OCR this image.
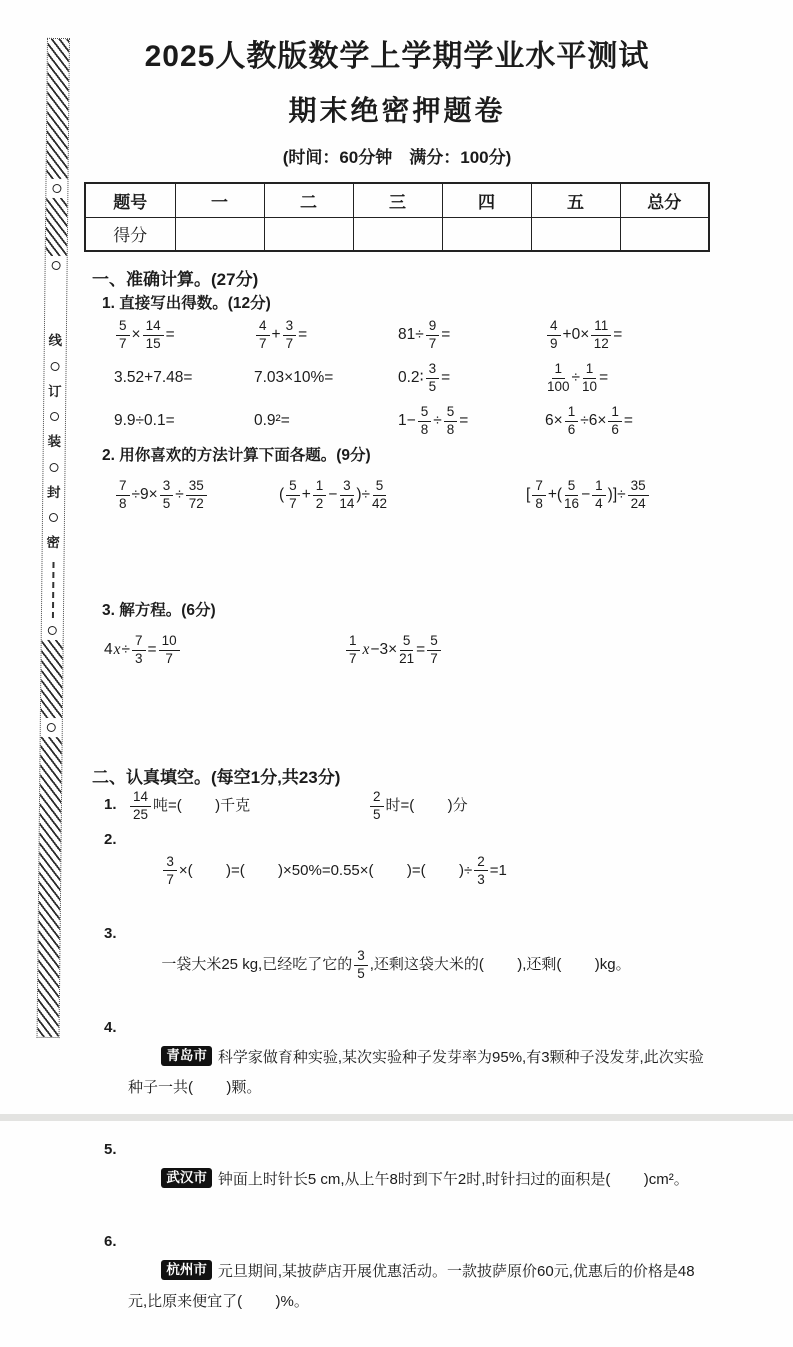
线
订
装
封
密
2025人教版数学上学期学业水平测试
期末绝密押题卷
(时间：60分钟　满分：100分)
题号	一	二	三	四	五	总分
得分						
一、准确计算。(27分)
1. 直接写出得数。(12分)
$\frac{5}{7} \times \frac{14}{15}$ =	$\frac{4}{7} + \frac{3}{7}$ =	$81\div \frac{9}{7}$ =	$\frac{4}{9} +0\times \frac{11}{12}$ =
3.52+7.48=	7.03×10%=	0.2∶ $\frac{3}{5}$ =	$\frac{1}{100} \div \frac{1}{10}$ =
9.9÷0.1=	0.9²=	$1- \frac{5}{8} \div \frac{5}{8}$ =	$6\times \frac{1}{6} \div 6\times \frac{1}{6}$ =
2. 用你喜欢的方法计算下面各题。(9分)
$\frac{7}{8} \div 9\times \frac{3}{5} \div \frac{35}{72}$	( $\frac{5}{7} + \frac{1}{2} - \frac{3}{14}$ )÷ $\frac{5}{42}$	[ $\frac{7}{8}$ +( $\frac{5}{16} - \frac{1}{4}$ )]÷ $\frac{35}{24}$
3. 解方程。(6分)
$4x\div \frac{7}{3} = \frac{10}{7}$	$\frac{1}{7} x-3\times \frac{5}{21} = \frac{5}{7}$
二、认真填空。(每空1分,共23分)
1. $\frac{14}{25}$ 吨=(        )千克	$\frac{2}{5}$ 时=(        )分
2.

$\frac{3}{7}$ ×(        )=(        )×50%=0.55×(        )=(        )÷ $\frac{2}{3} =1$

3.

一袋大米25 kg,已经吃了它的 $\frac{3}{5}$ ,还剩这袋大米的(        ),还剩(        )kg。

4.

青岛市 科学家做育种实验,某次实验种子发芽率为95%,有3颗种子没发芽,此次实验种子一共(        )颗。

5.

武汉市 钟面上时针长5 cm,从上午8时到下午2时,时针扫过的面积是(        )cm²。

6.

杭州市 元旦期间,某披萨店开展优惠活动。一款披萨原价60元,优惠后的价格是48元,比原来便宜了(        )%。
